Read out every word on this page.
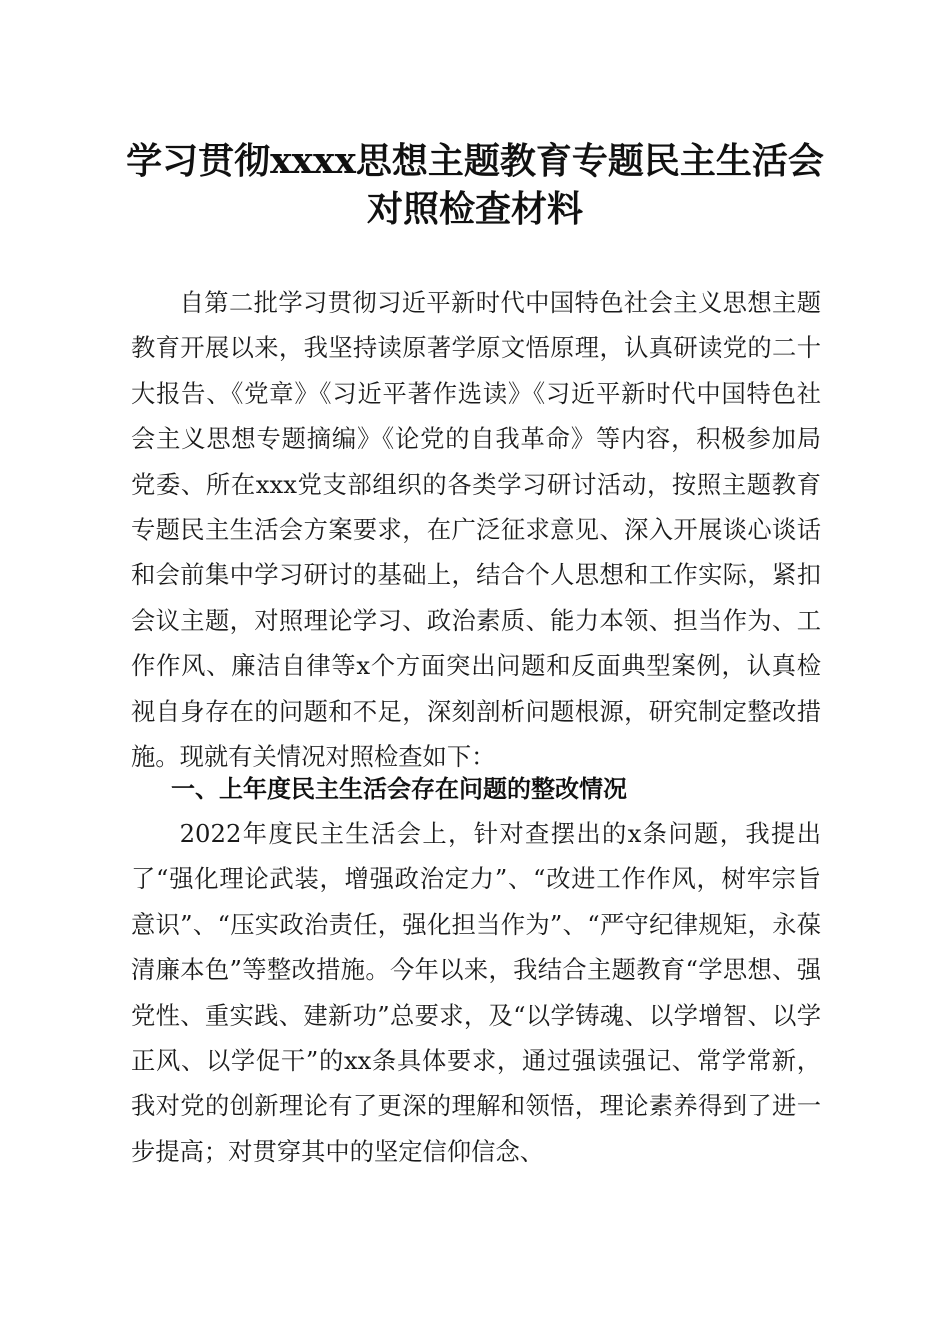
学习贯彻xxxx思想主题教育专题民主生活会
对照检查材料

自第二批学习贯彻习近平新时代中国特色社会主义思想主题教育开展以来，我坚持读原著学原文悟原理，认真研读党的二十大报告、《党章》《习近平著作选读》《习近平新时代中国特色社会主义思想专题摘编》《论党的自我革命》等内容，积极参加局党委、所在xxx党支部组织的各类学习研讨活动，按照主题教育专题民主生活会方案要求，在广泛征求意见、深入开展谈心谈话和会前集中学习研讨的基础上，结合个人思想和工作实际，紧扣会议主题，对照理论学习、政治素质、能力本领、担当作为、工作作风、廉洁自律等x个方面突出问题和反面典型案例，认真检视自身存在的问题和不足，深刻剖析问题根源，研究制定整改措施。现就有关情况对照检查如下：

一、上年度民主生活会存在问题的整改情况

2022年度民主生活会上，针对查摆出的x条问题，我提出了“强化理论武装，增强政治定力”、“改进工作作风，树牢宗旨意识”、“压实政治责任，强化担当作为”、“严守纪律规矩，永葆清廉本色”等整改措施。今年以来，我结合主题教育“学思想、强党性、重实践、建新功”总要求，及“以学铸魂、以学增智、以学正风、以学促干”的xx条具体要求，通过强读强记、常学常新，我对党的创新理论有了更深的理解和领悟，理论素养得到了进一步提高；对贯穿其中的坚定信仰信念、
